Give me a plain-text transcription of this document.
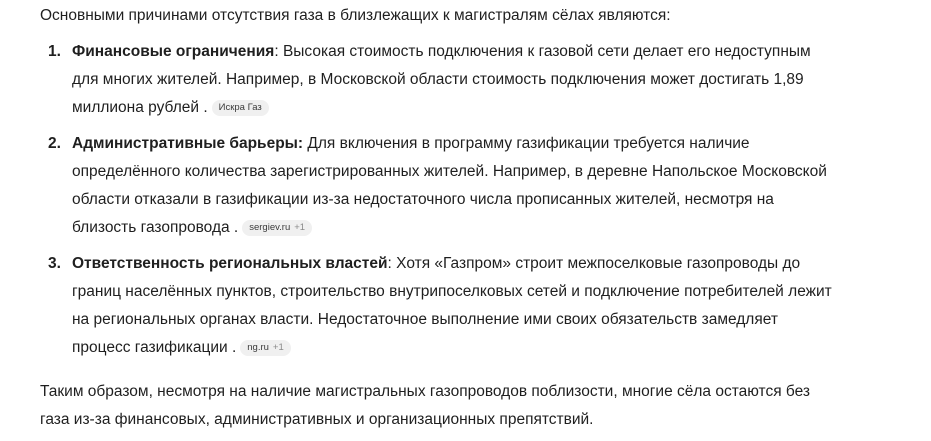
Основными причинами отсутствия газа в близлежащих к магистралям сёлах являются:

1. Финансовые ограничения: Высокая стоимость подключения к газовой сети делает его недоступным для многих жителей. Например, в Московской области стоимость подключения может достигать 1,89 миллиона рублей . Искра Газ
2. Административные барьеры: Для включения в программу газификации требуется наличие определённого количества зарегистрированных жителей. Например, в деревне Напольское Московской области отказали в газификации из-за недостаточного числа прописанных жителей, несмотря на близость газопровода . sergiev.ru +1
3. Ответственность региональных властей: Хотя «Газпром» строит межпоселковые газопроводы до границ населённых пунктов, строительство внутрипоселковых сетей и подключение потребителей лежит на региональных органах власти. Недостаточное выполнение ими своих обязательств замедляет процесс газификации . ng.ru +1

Таким образом, несмотря на наличие магистральных газопроводов поблизости, многие сёла остаются без газа из-за финансовых, административных и организационных препятствий.
